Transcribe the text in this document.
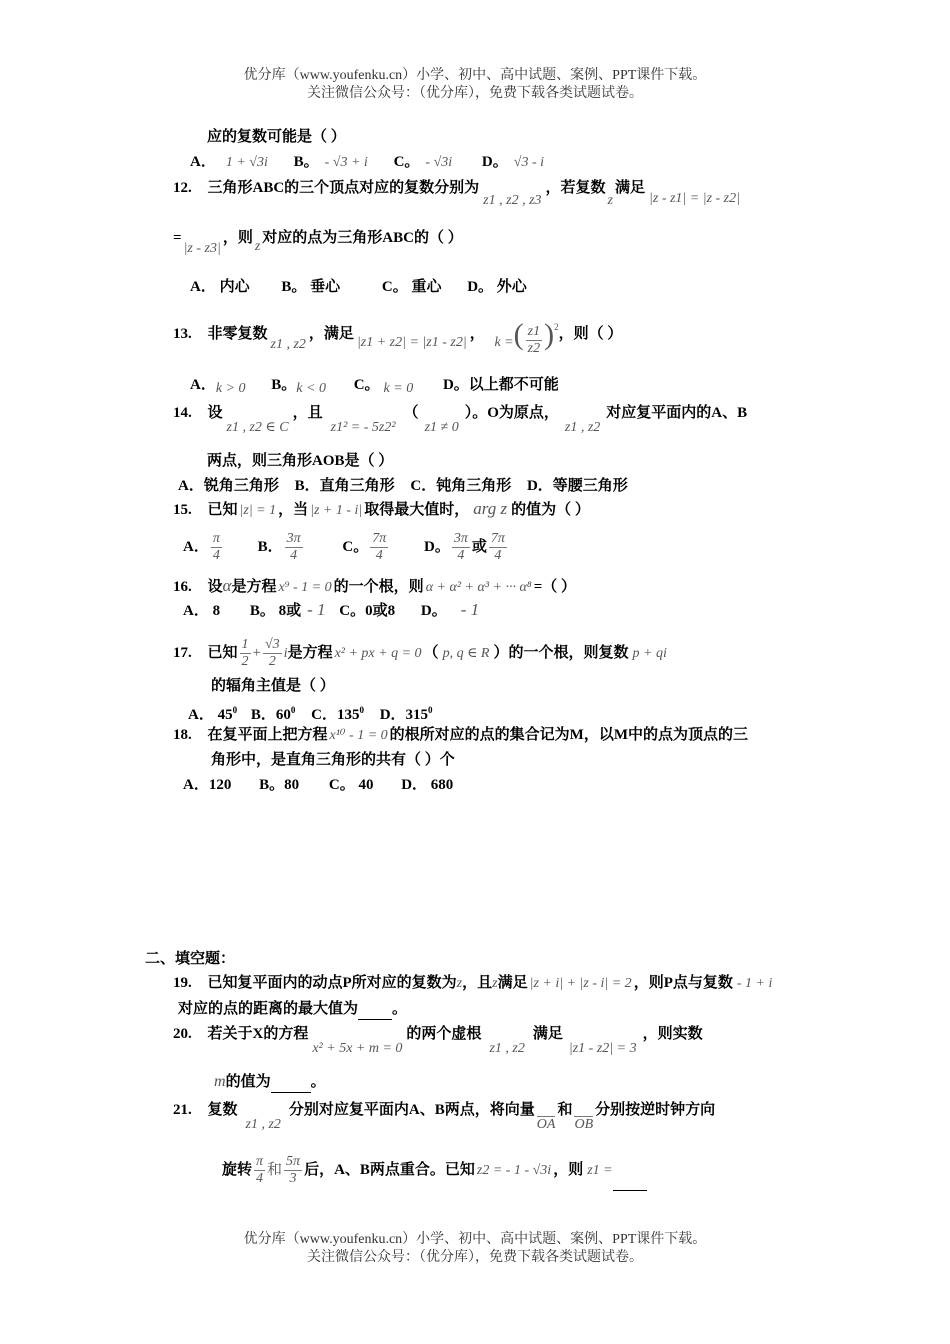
优分库（www.youfenku.cn）小学、初中、高中试题、案例、PPT课件下载。
关注微信公众号：（优分库），免费下载各类试题试卷。
应的复数可能是（ ）
A． 1 + √3i B。 - √3 + i C。 - √3i D。 √3 - i
12. 三角形ABC的三个顶点对应的复数分别为z1 , z2 , z3，若复数z满足|z - z1| = |z - z2|
=|z - z3|，则z对应的点为三角形ABC的（ ）
A． 内心 B。 垂心	C。 重心 D。 外心
13. 非零复数z1 , z2，满足|z1 + z2| = |z1 - z2|， k =( $\frac{z1}{z2} )^2$，则（ ）
A．k > 0 B。k < 0 C。 k = 0 D。以上都不可能
14. 设z1 , z2 ∈ C，且z1² = - 5z2²（z1 ≠ 0）。O为原点，z1 , z2对应复平面内的A、B
两点，则三角形AOB是（ ）
A．锐角三角形 B．直角三角形 C．钝角三角形 D．等腰三角形
15. 已知 |z| = 1 ，当 |z + 1 - i| 取得最大值时， arg z 的值为（ ）
A． $\frac{\pi}{4}$ B． $\frac{3\pi}{4}$	C。 $\frac{7\pi}{4}$ D。 $\frac{3\pi}{4}$ 或 $\frac{7\pi}{4}$
16. 设α是方程 x⁹ - 1 = 0 的一个根，则 α + α² + α³ + ··· α⁸ =（ ）
A． 8 B。 8或 - 1 C。0或8 D。 - 1
17. 已知 $\frac{1}{2} + \frac{√3}{2}$ i是方程 x² + px + q = 0 （ p, q ∈ R ）的一个根，则复数 p + qi
的辐角主值是（ ）
A． $45^0$ B．$60^0$ C．$135^0$ D．$315^0$
18. 在复平面上把方程 x¹⁰ - 1 = 0 的根所对应的点的集合记为M，以M中的点为顶点的三
角形中，是直角三角形的共有（ ）个
A．120 B。80 C。 40 D． 680
二、填空题：
19. 已知复平面内的动点P所对应的复数为z，且z满足 |z + i| + |z - i| = 2 ，则P点与复数 - 1 + i
对应的点的距离的最大值为 。
20. 若关于X的方程x² + 5x + m = 0的两个虚根z1 , z2满足|z1 - z2| = 3，则实数
m的值为	。
21. 复数z1 , z2分别对应复平面内A、B两点，将向量OA和OB分别按逆时钟方向
旋转 $\frac{\pi}{4}$ 和 $\frac{5\pi}{3}$ 后，A、B两点重合。已知 z2 = - 1 - √3i ，则 z1 =
优分库（www.youfenku.cn）小学、初中、高中试题、案例、PPT课件下载。
关注微信公众号：（优分库），免费下载各类试题试卷。
